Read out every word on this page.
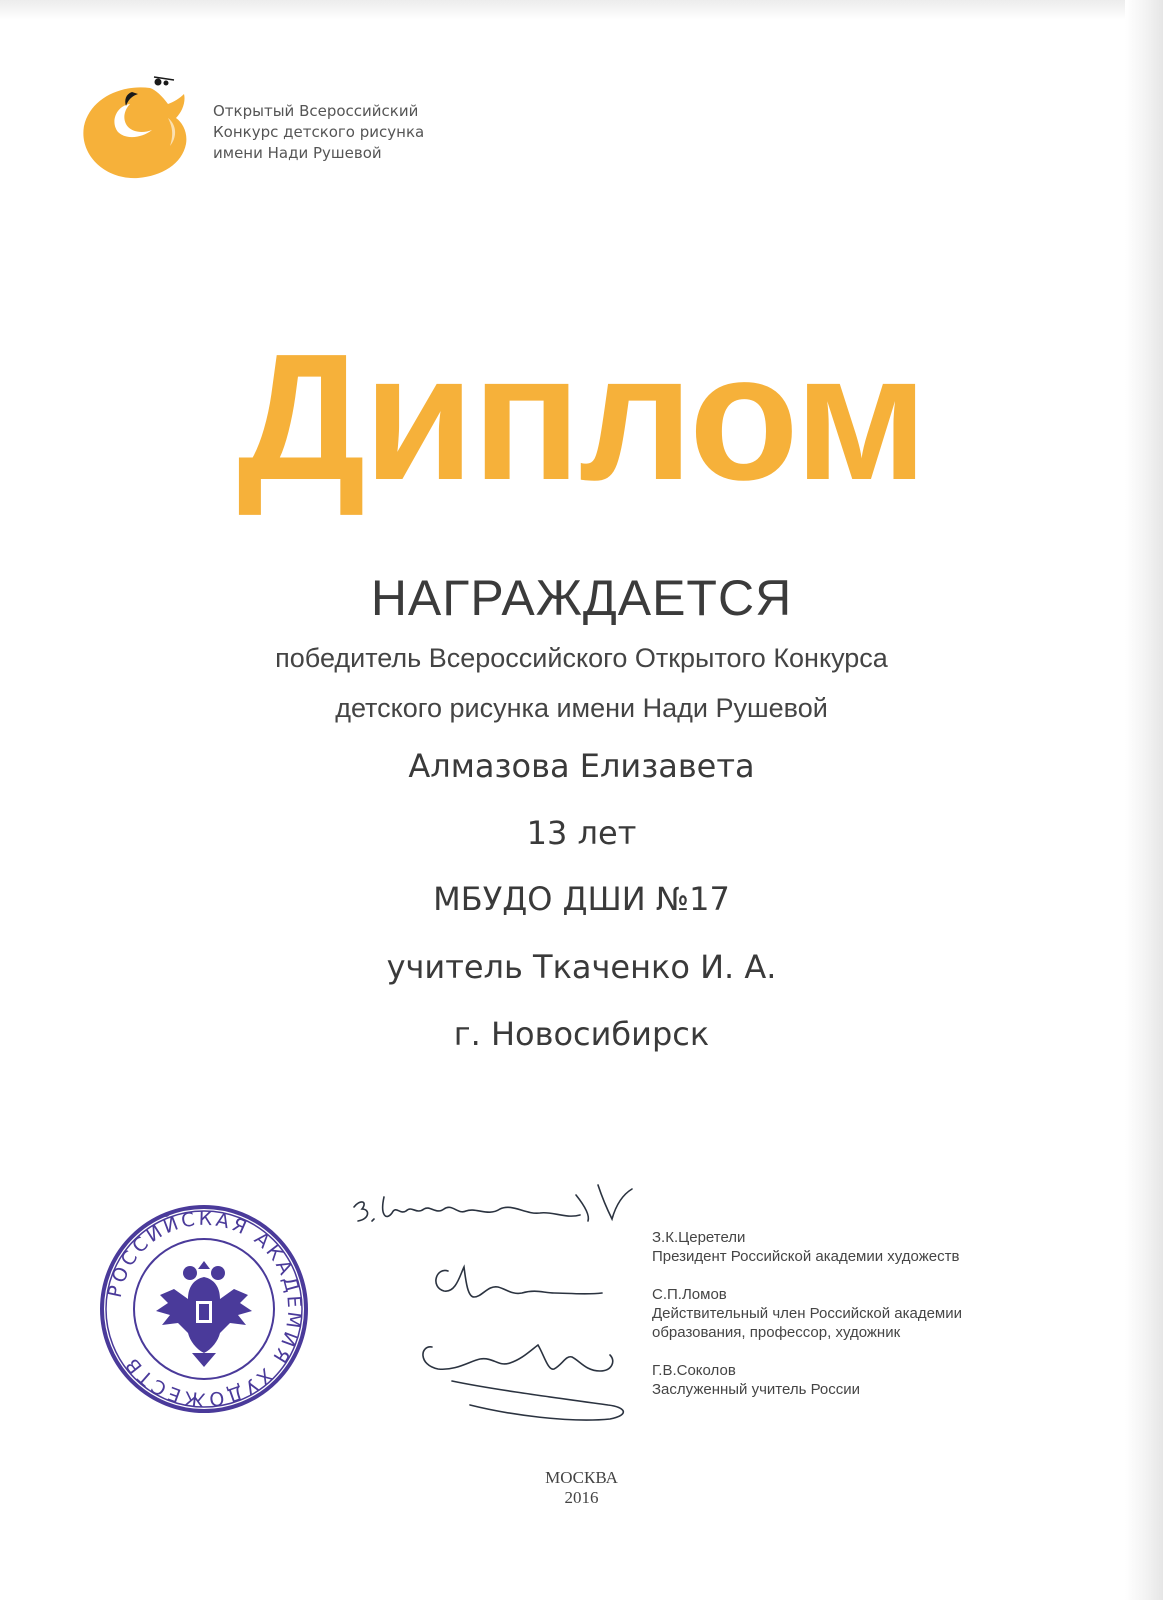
Открытый Всероссийский
Конкурс детского рисунка
имени Нади Рушевой
Диплом
НАГРАЖДАЕТСЯ
победитель Всероссийского Открытого Конкурса
детского рисунка имени Нади Рушевой
Алмазова Елизавета
13 лет
МБУДО ДШИ №17
учитель Ткаченко И. А.
г. Новосибирск
РОССИЙСКАЯ АКАДЕМИЯ ХУДОЖЕСТВ
З.К.Церетели
Президент Российской академии художеств
С.П.Ломов
Действительный член Российской академии
образования, профессор, художник
Г.В.Соколов
Заслуженный учитель России
МОСКВА
2016
